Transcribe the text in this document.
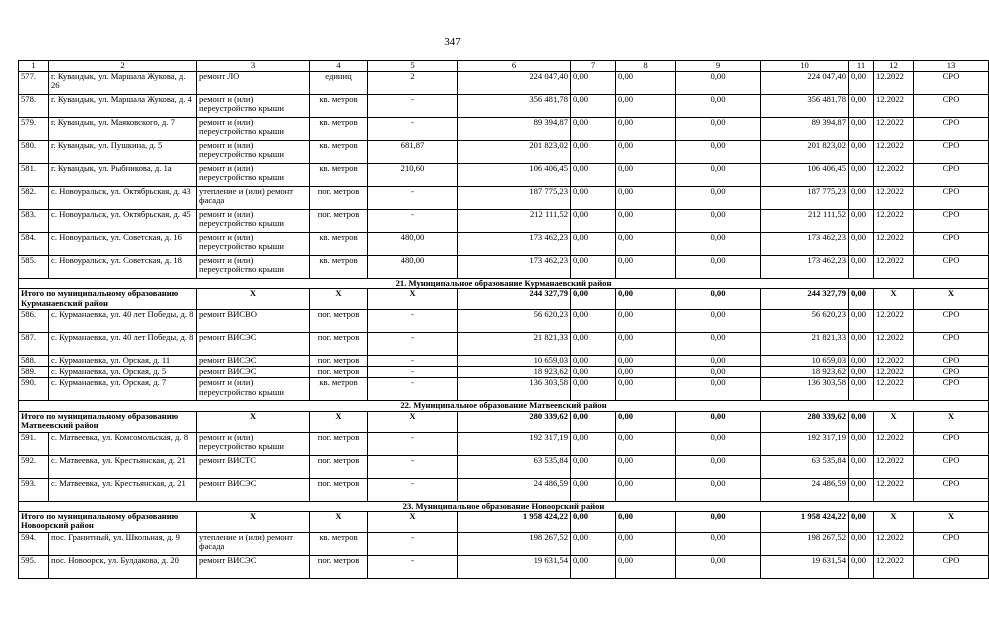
347
1	2	3	4	5	6	7	8	9	10	11	12	13
577.	г. Кувандык, ул. Маршала Жукова, д. 26	ремонт ЛО	единиц	2	224 047,40	0,00	0,00	0,00	224 047,40	0,00	12.2022	СРО
578.	г. Кувандык, ул. Маршала Жукова, д. 4	ремонт и (или) переустройство крыши	кв. метров	-	356 481,78	0,00	0,00	0,00	356 481,78	0,00	12.2022	СРО
579.	г. Кувандык, ул. Маяковского, д. 7	ремонт и (или) переустройство крыши	кв. метров	-	89 394,87	0,00	0,00	0,00	89 394,87	0,00	12.2022	СРО
580.	г. Кувандык, ул. Пушкина, д. 5	ремонт и (или) переустройство крыши	кв. метров	681,87	201 823,02	0,00	0,00	0,00	201 823,02	0,00	12.2022	СРО
581.	г. Кувандык, ул. Рыбникова, д. 1а	ремонт и (или) переустройство крыши	кв. метров	210,60	106 406,45	0,00	0,00	0,00	106 406,45	0,00	12.2022	СРО
582.	с. Новоуральск, ул. Октябрьская, д. 43	утепление и (или) ремонт фасада	пог. метров	-	187 775,23	0,00	0,00	0,00	187 775,23	0,00	12.2022	СРО
583.	с. Новоуральск, ул. Октябрьская, д. 45	ремонт и (или) переустройство крыши	пог. метров	-	212 111,52	0,00	0,00	0,00	212 111,52	0,00	12.2022	СРО
584.	с. Новоуральск, ул. Советская, д. 16	ремонт и (или) переустройство крыши	кв. метров	480,00	173 462,23	0,00	0,00	0,00	173 462,23	0,00	12.2022	СРО
585.	с. Новоуральск, ул. Советская, д. 18	ремонт и (или) переустройство крыши	кв. метров	480,00	173 462,23	0,00	0,00	0,00	173 462,23	0,00	12.2022	СРО
21. Муниципальное образование Курманаевский район												
Итого по муниципальному образованию Курманаевский район		X	X	X	244 327,79	0,00	0,00	0,00	244 327,79	0,00	X	X
586.	с. Курманаевка, ул. 40 лет Победы, д. 8	ремонт ВИСВО	пог. метров	-	56 620,23	0,00	0,00	0,00	56 620,23	0,00	12.2022	СРО
587.	с. Курманаевка, ул. 40 лет Победы, д. 8	ремонт ВИСЭС	пог. метров	-	21 821,33	0,00	0,00	0,00	21 821,33	0,00	12.2022	СРО
588.	с. Курманаевка, ул. Орская, д. 11	ремонт ВИСЭС	пог. метров	-	10 659,03	0,00	0,00	0,00	10 659,03	0,00	12.2022	СРО
589.	с. Курманаевка, ул. Орская, д. 5	ремонт ВИСЭС	пог. метров	-	18 923,62	0,00	0,00	0,00	18 923,62	0,00	12.2022	СРО
590.	с. Курманаевка, ул. Орская, д. 7	ремонт и (или) переустройство крыши	кв. метров	-	136 303,58	0,00	0,00	0,00	136 303,58	0,00	12.2022	СРО
22. Муниципальное образование Матвеевский район												
Итого по муниципальному образованию Матвеевский район		X	X	X	280 339,62	0,00	0,00	0,00	280 339,62	0,00	X	X
591.	с. Матвеевка, ул. Комсомольская, д. 8	ремонт и (или) переустройство крыши	пог. метров	-	192 317,19	0,00	0,00	0,00	192 317,19	0,00	12.2022	СРО
592.	с. Матвеевка, ул. Крестьянская, д. 21	ремонт ВИСТС	пог. метров	-	63 535,84	0,00	0,00	0,00	63 535,84	0,00	12.2022	СРО
593.	с. Матвеевка, ул. Крестьянская, д. 21	ремонт ВИСЭС	пог. метров	-	24 486,59	0,00	0,00	0,00	24 486,59	0,00	12.2022	СРО
23. Муниципальное образование Новоорский район												
Итого по муниципальному образованию Новоорский район		X	X	X	1 958 424,22	0,00	0,00	0,00	1 958 424,22	0,00	X	X
594.	пос. Гранитный, ул. Школьная, д. 9	утепление и (или) ремонт фасада	кв. метров	-	198 267,52	0,00	0,00	0,00	198 267,52	0,00	12.2022	СРО
595.	пос. Новоорск, ул. Булдакова, д. 20	ремонт ВИСЭС	пог. метров	-	19 631,54	0,00	0,00	0,00	19 631,54	0,00	12.2022	СРО
